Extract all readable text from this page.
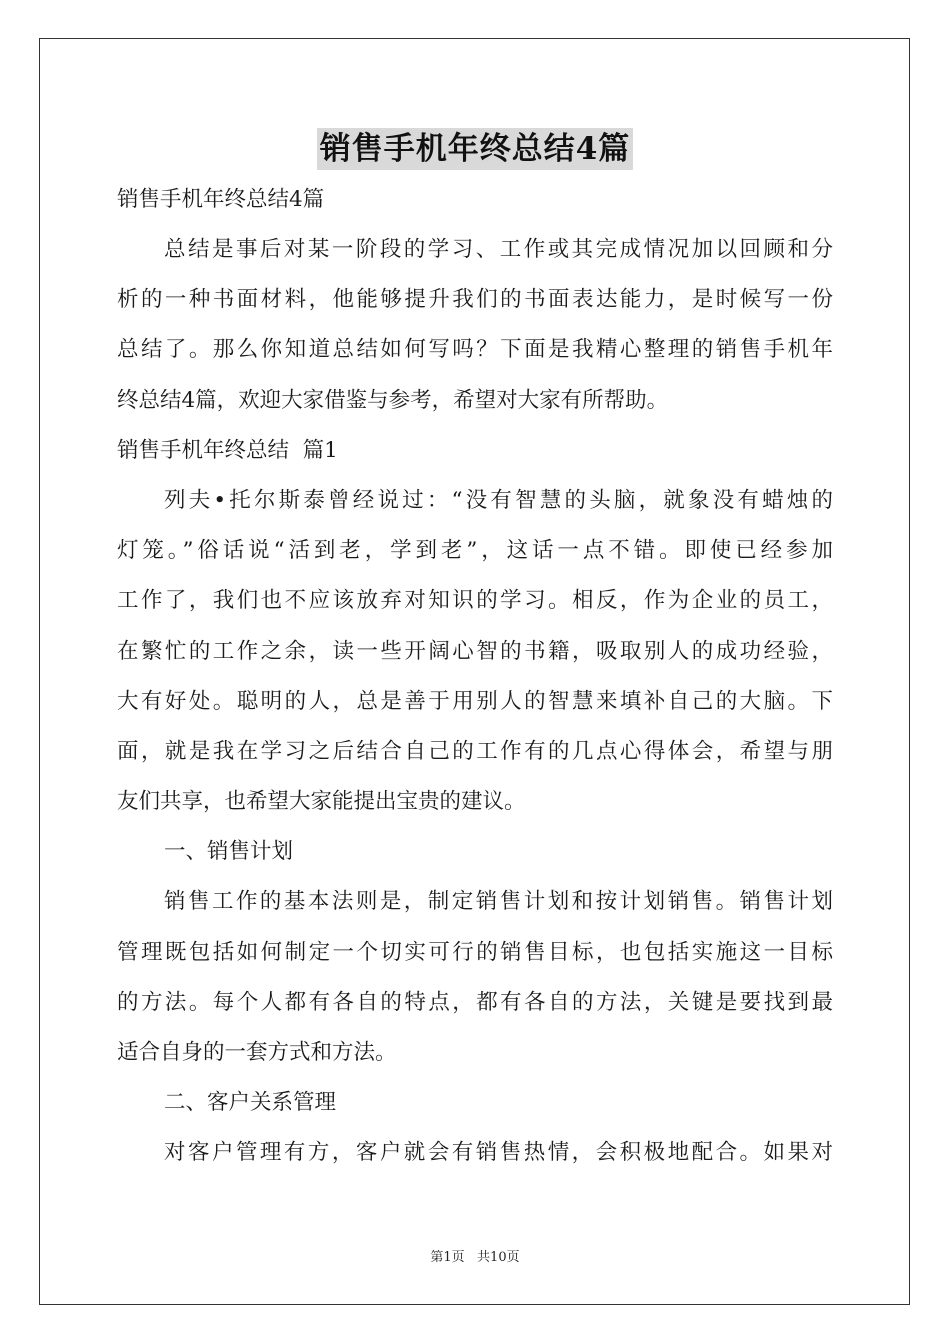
销售手机年终总结4篇
销售手机年终总结4篇
总结是事后对某一阶段的学习、工作或其完成情况加以回顾和分
析的一种书面材料，他能够提升我们的书面表达能力，是时候写一份
总结了。那么你知道总结如何写吗？下面是我精心整理的销售手机年
终总结4篇，欢迎大家借鉴与参考，希望对大家有所帮助。
销售手机年终总结  篇1
列夫•托尔斯泰曾经说过：“没有智慧的头脑，就象没有蜡烛的
灯笼。”俗话说“活到老，学到老”，这话一点不错。即使已经参加
工作了，我们也不应该放弃对知识的学习。相反，作为企业的员工，
在繁忙的工作之余，读一些开阔心智的书籍，吸取别人的成功经验，
大有好处。聪明的人，总是善于用别人的智慧来填补自己的大脑。下
面，就是我在学习之后结合自己的工作有的几点心得体会，希望与朋
友们共享，也希望大家能提出宝贵的建议。
一、销售计划
销售工作的基本法则是，制定销售计划和按计划销售。销售计划
管理既包括如何制定一个切实可行的销售目标，也包括实施这一目标
的方法。每个人都有各自的特点，都有各自的方法，关键是要找到最
适合自身的一套方式和方法。
二、客户关系管理
对客户管理有方，客户就会有销售热情，会积极地配合。如果对
第1页   共10页
